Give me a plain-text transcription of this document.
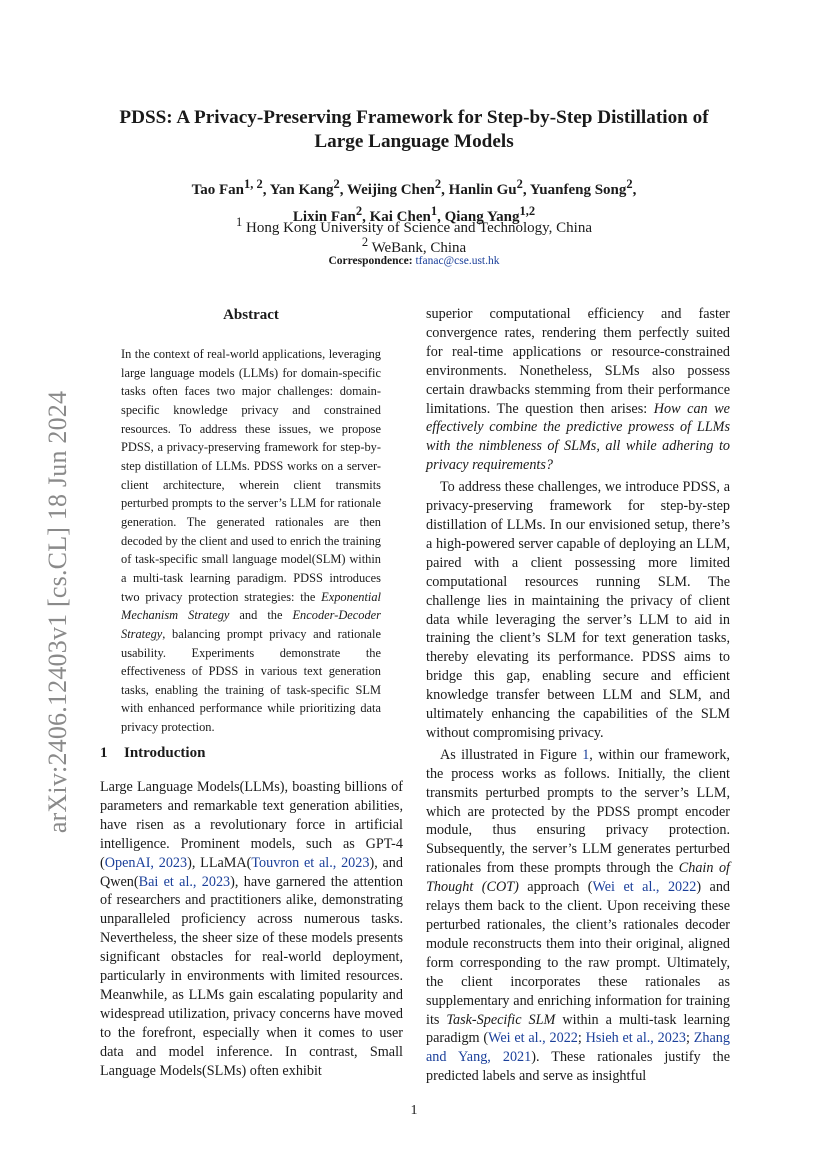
arXiv:2406.12403v1 [cs.CL] 18 Jun 2024
PDSS: A Privacy-Preserving Framework for Step-by-Step Distillation of
Large Language Models
Tao Fan$^{1, 2}$, Yan Kang$^2$, Weijing Chen$^2$, Hanlin Gu$^2$, Yuanfeng Song$^2$,
Lixin Fan$^2$, Kai Chen$^1$, Qiang Yang$^{1,2}$
$^1$ Hong Kong University of Science and Technology, China
$^2$ WeBank, China
Correspondence: tfanac@cse.ust.hk
Abstract
In the context of real-world applications, leveraging large language models (LLMs) for domain-specific tasks often faces two major challenges: domain-specific knowledge privacy and constrained resources. To address these issues, we propose PDSS, a privacy-preserving framework for step-by-step distillation of LLMs. PDSS works on a server-client architecture, wherein client transmits perturbed prompts to the server’s LLM for rationale generation. The generated rationales are then decoded by the client and used to enrich the training of task-specific small language model(SLM) within a multi-task learning paradigm. PDSS introduces two privacy protection strategies: the Exponential Mechanism Strategy and the Encoder-Decoder Strategy, balancing prompt privacy and rationale usability. Experiments demonstrate the effectiveness of PDSS in various text generation tasks, enabling the training of task-specific SLM with enhanced performance while prioritizing data privacy protection.
1 Introduction
Large Language Models(LLMs), boasting billions of parameters and remarkable text generation abilities, have risen as a revolutionary force in artificial intelligence. Prominent models, such as GPT-4 (OpenAI, 2023), LLaMA(Touvron et al., 2023), and Qwen(Bai et al., 2023), have garnered the attention of researchers and practitioners alike, demonstrating unparalleled proficiency across numerous tasks. Nevertheless, the sheer size of these models presents significant obstacles for real-world deployment, particularly in environments with limited resources. Meanwhile, as LLMs gain escalating popularity and widespread utilization, privacy concerns have moved to the forefront, especially when it comes to user data and model inference. In contrast, Small Language Models(SLMs) often exhibit

superior computational efficiency and faster convergence rates, rendering them perfectly suited for real-time applications or resource-constrained environments. Nonetheless, SLMs also possess certain drawbacks stemming from their performance limitations. The question then arises: How can we effectively combine the predictive prowess of LLMs with the nimbleness of SLMs, all while adhering to privacy requirements?

To address these challenges, we introduce PDSS, a privacy-preserving framework for step-by-step distillation of LLMs. In our envisioned setup, there’s a high-powered server capable of deploying an LLM, paired with a client possessing more limited computational resources running SLM. The challenge lies in maintaining the privacy of client data while leveraging the server’s LLM to aid in training the client’s SLM for text generation tasks, thereby elevating its performance. PDSS aims to bridge this gap, enabling secure and efficient knowledge transfer between LLM and SLM, and ultimately enhancing the capabilities of the SLM without compromising privacy.

As illustrated in Figure 1, within our framework, the process works as follows. Initially, the client transmits perturbed prompts to the server’s LLM, which are protected by the PDSS prompt encoder module, thus ensuring privacy protection. Subsequently, the server’s LLM generates perturbed rationales from these prompts through the Chain of Thought (COT) approach (Wei et al., 2022) and relays them back to the client. Upon receiving these perturbed rationales, the client’s rationales decoder module reconstructs them into their original, aligned form corresponding to the raw prompt. Ultimately, the client incorporates these rationales as supplementary and enriching information for training its Task-Specific SLM within a multi-task learning paradigm (Wei et al., 2022; Hsieh et al., 2023; Zhang and Yang, 2021). These rationales justify the predicted labels and serve as insightful

1
